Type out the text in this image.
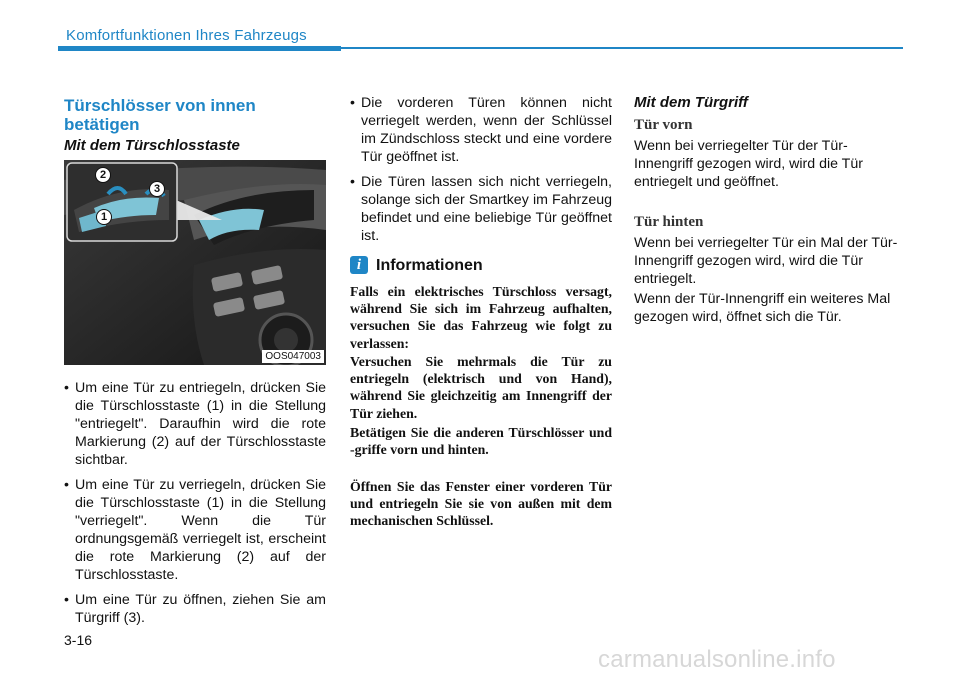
Komfortfunktionen Ihres Fahrzeugs
Türschlösser von innen betätigen
Mit dem Türschlosstaste
2
3
1
OOS047003
• Um eine Tür zu entriegeln, drücken Sie die Türschlosstaste (1) in die Stellung "entriegelt". Daraufhin wird die rote Markierung (2) auf der Türschlosstaste sichtbar.
• Um eine Tür zu verriegeln, drücken Sie die Türschlosstaste (1) in die Stellung "verriegelt". Wenn die Tür ordnungsgemäß verriegelt ist, erscheint die rote Markierung (2) auf der Türschlosstaste.
• Um eine Tür zu öffnen, ziehen Sie am Türgriff (3).
• Die vorderen Türen können nicht verriegelt werden, wenn der Schlüssel im Zündschloss steckt und eine vordere Tür geöffnet ist.
• Die Türen lassen sich nicht verriegeln, solange sich der Smartkey im Fahrzeug befindet und eine beliebige Tür geöffnet ist.
i Informationen

Falls ein elektrisches Türschloss versagt, während Sie sich im Fahrzeug aufhalten, versuchen Sie das Fahrzeug wie folgt zu verlassen:

Versuchen Sie mehrmals die Tür zu entriegeln (elektrisch und von Hand), während Sie gleichzeitig am Innengriff der Tür ziehen.

Betätigen Sie die anderen Türschlösser und -griffe vorn und hinten.

Öffnen Sie das Fenster einer vorderen Tür und entriegeln Sie sie von außen mit dem mechanischen Schlüssel.

Mit dem Türgriff

Tür vorn

Wenn bei verriegelter Tür der Tür-Innengriff gezogen wird, wird die Tür entriegelt und geöffnet.

Tür hinten

Wenn bei verriegelter Tür ein Mal der Tür-Innengriff gezogen wird, wird die Tür entriegelt.

Wenn der Tür-Innengriff ein weiteres Mal gezogen wird, öffnet sich die Tür.

3-16
carmanualsonline.info
